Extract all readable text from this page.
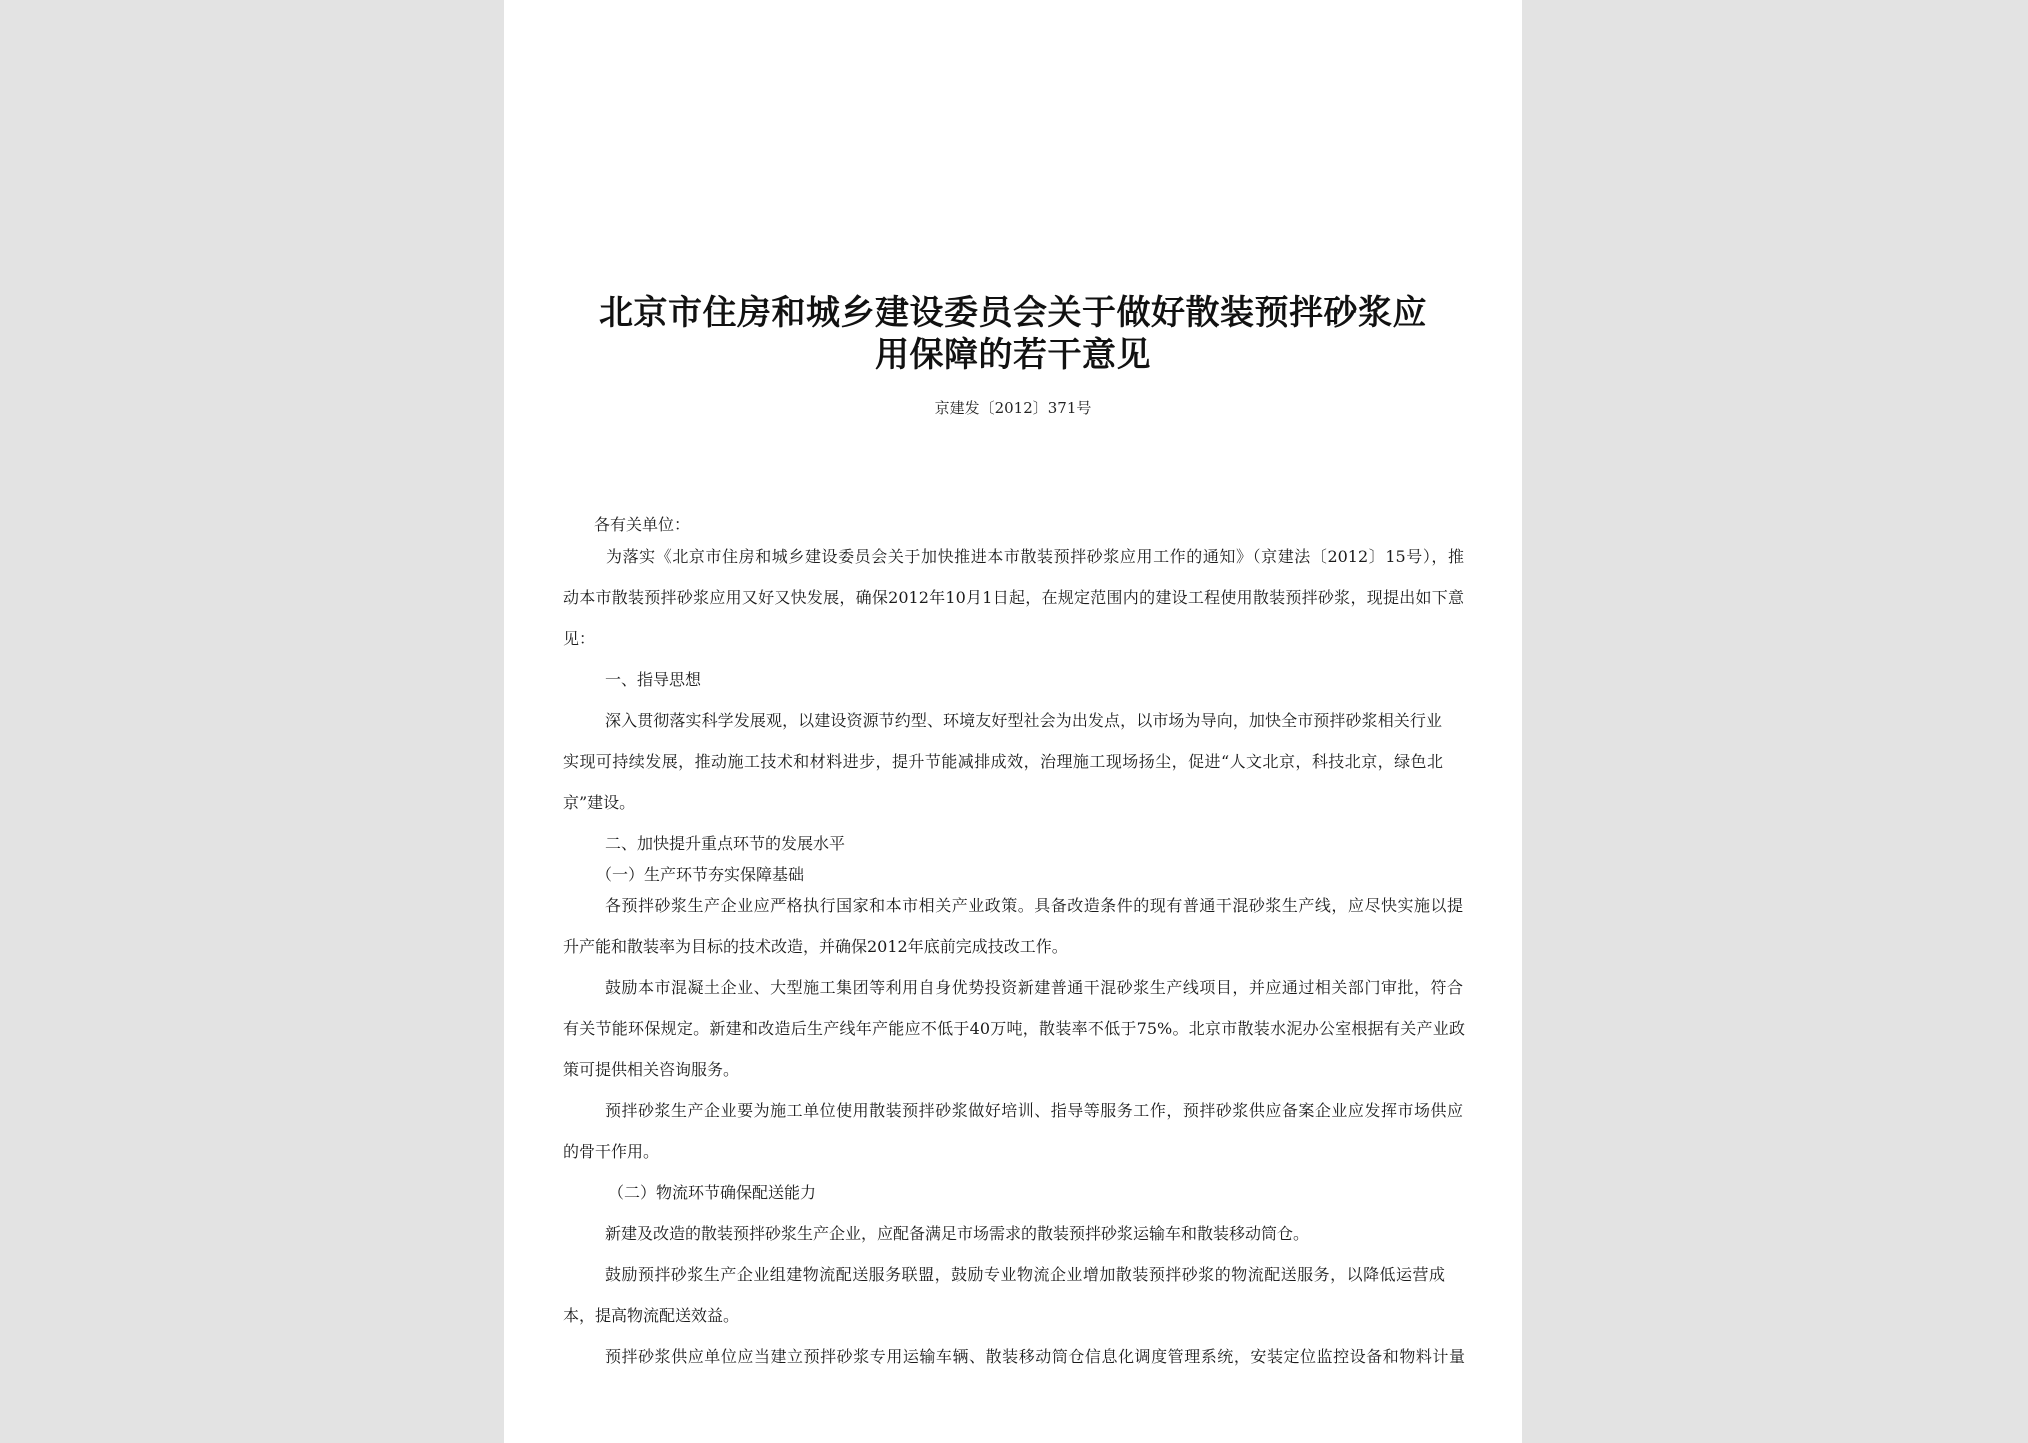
北京市住房和城乡建设委员会关于做好散装预拌砂浆应
用保障的若干意见
京建发〔2012〕371号
各有关单位：
为落实《北京市住房和城乡建设委员会关于加快推进本市散装预拌砂浆应用工作的通知》（京建法〔2012〕15号），推
动本市散装预拌砂浆应用又好又快发展，确保2012年10月1日起，在规定范围内的建设工程使用散装预拌砂浆，现提出如下意
见：
一、指导思想
深入贯彻落实科学发展观，以建设资源节约型、环境友好型社会为出发点，以市场为导向，加快全市预拌砂浆相关行业
实现可持续发展，推动施工技术和材料进步，提升节能减排成效，治理施工现场扬尘，促进“人文北京，科技北京，绿色北
京”建设。
二、加快提升重点环节的发展水平
（一）生产环节夯实保障基础
各预拌砂浆生产企业应严格执行国家和本市相关产业政策。具备改造条件的现有普通干混砂浆生产线，应尽快实施以提
升产能和散装率为目标的技术改造，并确保2012年底前完成技改工作。
鼓励本市混凝土企业、大型施工集团等利用自身优势投资新建普通干混砂浆生产线项目，并应通过相关部门审批，符合
有关节能环保规定。新建和改造后生产线年产能应不低于40万吨，散装率不低于75%。北京市散装水泥办公室根据有关产业政
策可提供相关咨询服务。
预拌砂浆生产企业要为施工单位使用散装预拌砂浆做好培训、指导等服务工作，预拌砂浆供应备案企业应发挥市场供应
的骨干作用。
（二）物流环节确保配送能力
新建及改造的散装预拌砂浆生产企业，应配备满足市场需求的散装预拌砂浆运输车和散装移动筒仓。
鼓励预拌砂浆生产企业组建物流配送服务联盟，鼓励专业物流企业增加散装预拌砂浆的物流配送服务，以降低运营成
本，提高物流配送效益。
预拌砂浆供应单位应当建立预拌砂浆专用运输车辆、散装移动筒仓信息化调度管理系统，安装定位监控设备和物料计量
